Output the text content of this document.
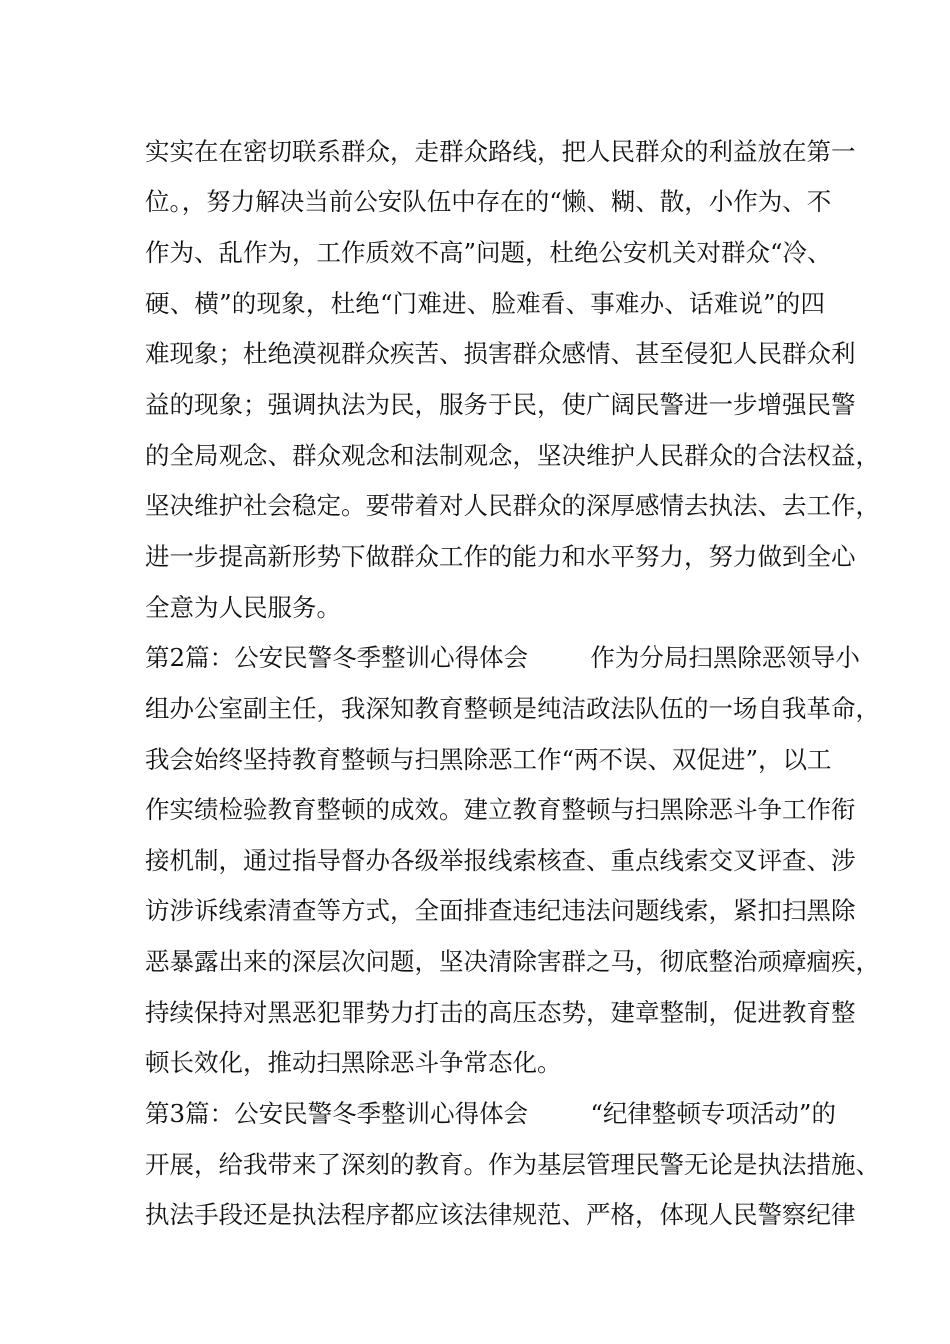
实实在在密切联系群众，走群众路线，把人民群众的利益放在第一
位。，努力解决当前公安队伍中存在的“懒、糊、散，小作为、不
作为、乱作为，工作质效不高”问题，杜绝公安机关对群众“冷、
硬、横”的现象，杜绝“门难进、脸难看、事难办、话难说”的四
难现象；杜绝漠视群众疾苦、损害群众感情、甚至侵犯人民群众利
益的现象；强调执法为民，服务于民，使广阔民警进一步增强民警
的全局观念、群众观念和法制观念，坚决维护人民群众的合法权益，
坚决维护社会稳定。要带着对人民群众的深厚感情去执法、去工作，
进一步提高新形势下做群众工作的能力和水平努力，努力做到全心
全意为人民服务。
第2篇：公安民警冬季整训心得体会        作为分局扫黑除恶领导小
组办公室副主任，我深知教育整顿是纯洁政法队伍的一场自我革命，
我会始终坚持教育整顿与扫黑除恶工作“两不误、双促进”，以工
作实绩检验教育整顿的成效。建立教育整顿与扫黑除恶斗争工作衔
接机制，通过指导督办各级举报线索核查、重点线索交叉评查、涉
访涉诉线索清查等方式，全面排查违纪违法问题线索，紧扣扫黑除
恶暴露出来的深层次问题，坚决清除害群之马，彻底整治顽瘴痼疾，
持续保持对黑恶犯罪势力打击的高压态势，建章整制，促进教育整
顿长效化，推动扫黑除恶斗争常态化。
第3篇：公安民警冬季整训心得体会        “纪律整顿专项活动”的
开展，给我带来了深刻的教育。作为基层管理民警无论是执法措施、
执法手段还是执法程序都应该法律规范、严格，体现人民警察纪律
